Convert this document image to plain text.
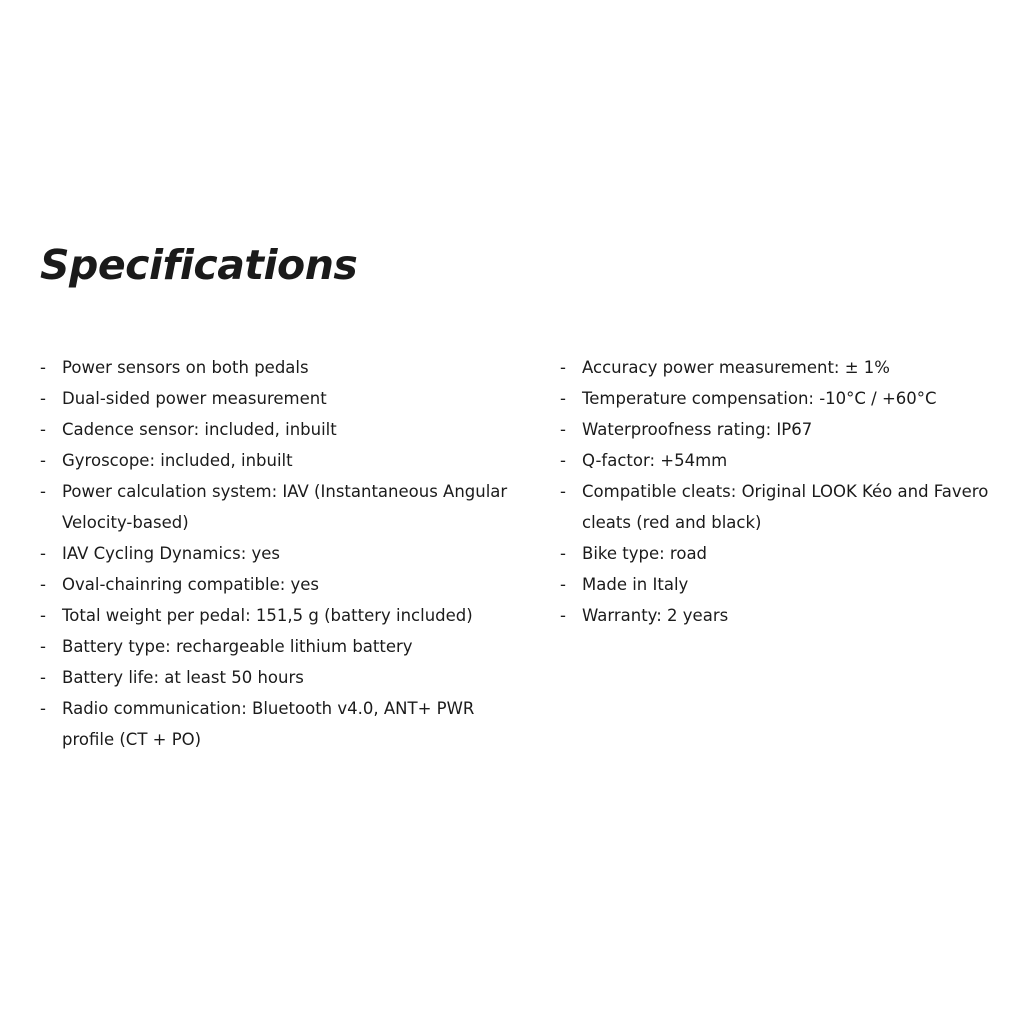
Specifications
- Power sensors on both pedals
- Dual-sided power measurement
- Cadence sensor: included, inbuilt
- Gyroscope: included, inbuilt
- Power calculation system: IAV (Instantaneous Angular Velocity-based)
- IAV Cycling Dynamics: yes
- Oval-chainring compatible: yes
- Total weight per pedal: 151,5 g (battery included)
- Battery type: rechargeable lithium battery
- Battery life: at least 50 hours
- Radio communication: Bluetooth v4.0, ANT+ PWR profile (CT + PO)
- Accuracy power measurement: ± 1%
- Temperature compensation: -10°C / +60°C
- Waterproofness rating: IP67
- Q-factor: +54mm
- Compatible cleats: Original LOOK Kéo and Favero cleats (red and black)
- Bike type: road
- Made in Italy
- Warranty: 2 years
